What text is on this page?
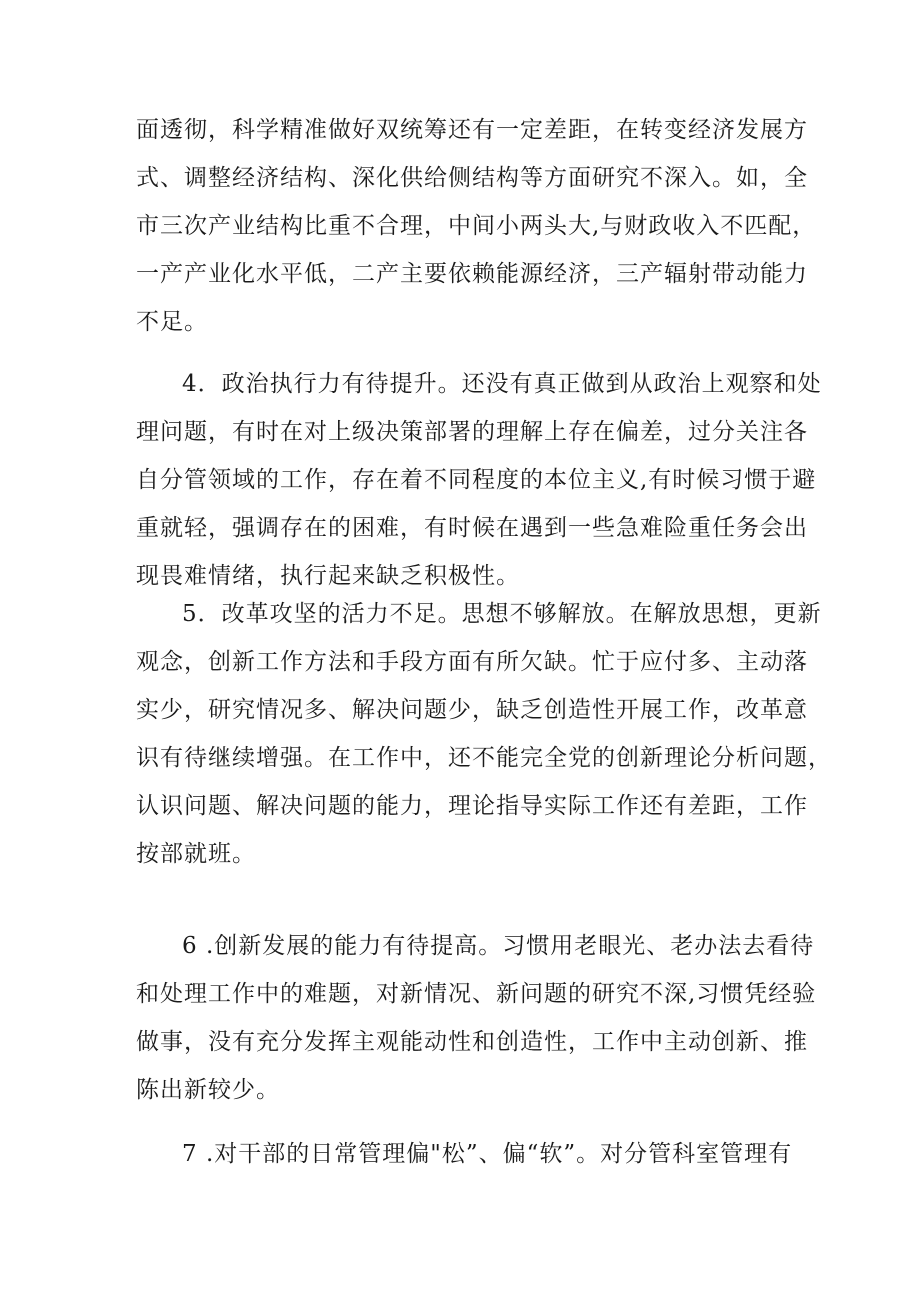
面透彻，科学精准做好双统筹还有一定差距，在转变经济发展方
式、调整经济结构、深化供给侧结构等方面研究不深入。如，全
市三次产业结构比重不合理，中间小两头大,与财政收入不匹配，
一产产业化水平低，二产主要依赖能源经济，三产辐射带动能力
不足。
4．政治执行力有待提升。还没有真正做到从政治上观察和处
理问题，有时在对上级决策部署的理解上存在偏差，过分关注各
自分管领域的工作，存在着不同程度的本位主义,有时候习惯于避
重就轻，强调存在的困难，有时候在遇到一些急难险重任务会出
现畏难情绪，执行起来缺乏积极性。
5．改革攻坚的活力不足。思想不够解放。在解放思想，更新
观念，创新工作方法和手段方面有所欠缺。忙于应付多、主动落
实少，研究情况多、解决问题少，缺乏创造性开展工作，改革意
识有待继续增强。在工作中，还不能完全党的创新理论分析问题，
认识问题、解决问题的能力，理论指导实际工作还有差距，工作
按部就班。
6 .创新发展的能力有待提高。习惯用老眼光、老办法去看待
和处理工作中的难题，对新情况、新问题的研究不深,习惯凭经验
做事，没有充分发挥主观能动性和创造性，工作中主动创新、推
陈出新较少。
7 .对干部的日常管理偏"松”、偏“软”。对分管科室管理有
